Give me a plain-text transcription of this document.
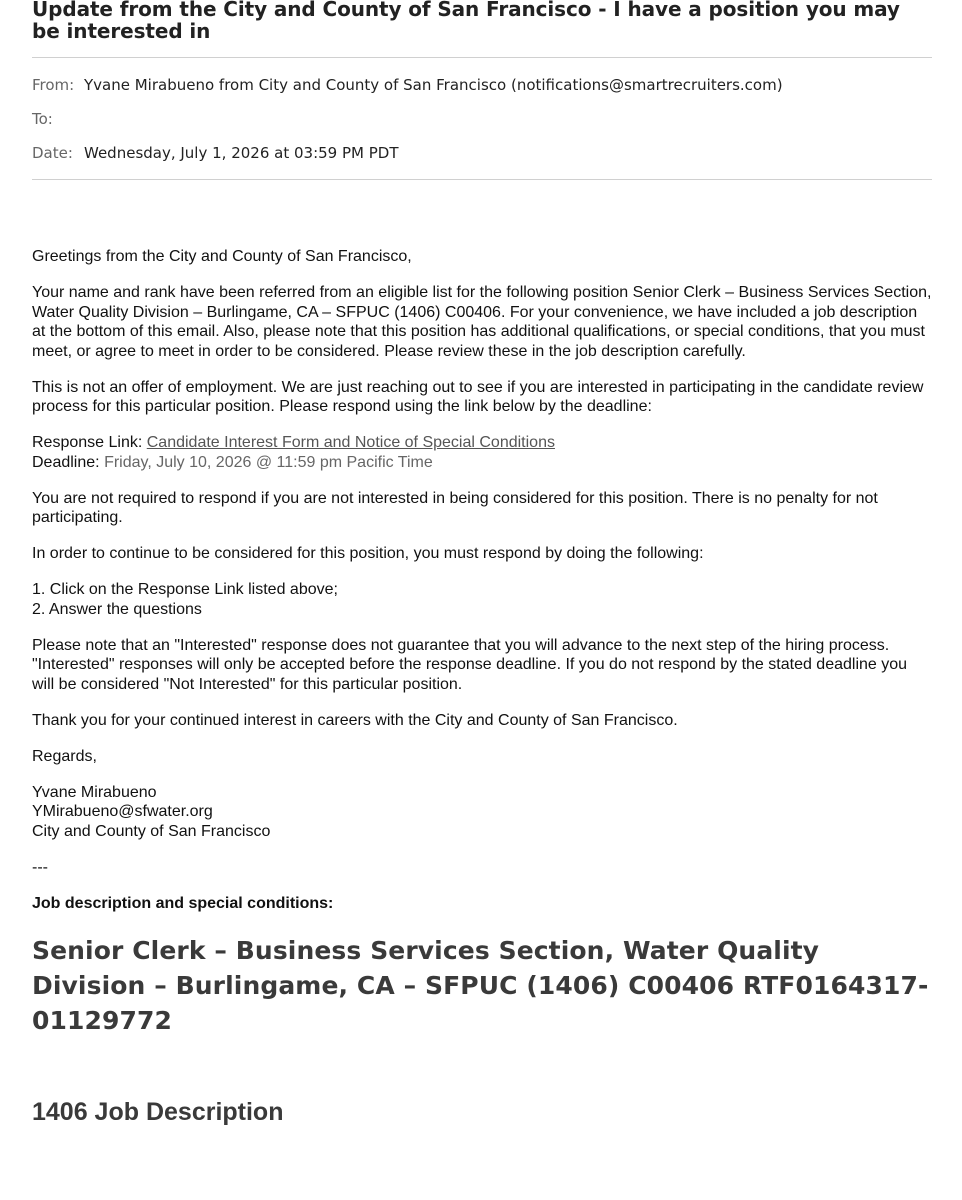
Update from the City and County of San Francisco - I have a position you may be interested in
From: Yvane Mirabueno from City and County of San Francisco (notifications@smartrecruiters.com)
To:
Date: Wednesday, July 1, 2026 at 03:59 PM PDT

Greetings from the City and County of San Francisco,

Your name and rank have been referred from an eligible list for the following position Senior Clerk – Business Services Section, Water Quality Division – Burlingame, CA – SFPUC (1406) C00406. For your convenience, we have included a job description at the bottom of this email. Also, please note that this position has additional qualifications, or special conditions, that you must meet, or agree to meet in order to be considered. Please review these in the job description carefully.

This is not an offer of employment. We are just reaching out to see if you are interested in participating in the candidate review process for this particular position. Please respond using the link below by the deadline:

Response Link: Candidate Interest Form and Notice of Special Conditions

Deadline: Friday, July 10, 2026 @ 11:59 pm Pacific Time

You are not required to respond if you are not interested in being considered for this position. There is no penalty for not participating.

In order to continue to be considered for this position, you must respond by doing the following:

1. Click on the Response Link listed above;

2. Answer the questions

Please note that an "Interested" response does not guarantee that you will advance to the next step of the hiring process. "Interested" responses will only be accepted before the response deadline. If you do not respond by the stated deadline you will be considered "Not Interested" for this particular position.

Thank you for your continued interest in careers with the City and County of San Francisco.

Regards,

Yvane Mirabueno

YMirabueno@sfwater.org

City and County of San Francisco

---

Job description and special conditions:

Senior Clerk – Business Services Section, Water Quality Division – Burlingame, CA – SFPUC (1406) C00406 RTF0164317-01129772
1406 Job Description
